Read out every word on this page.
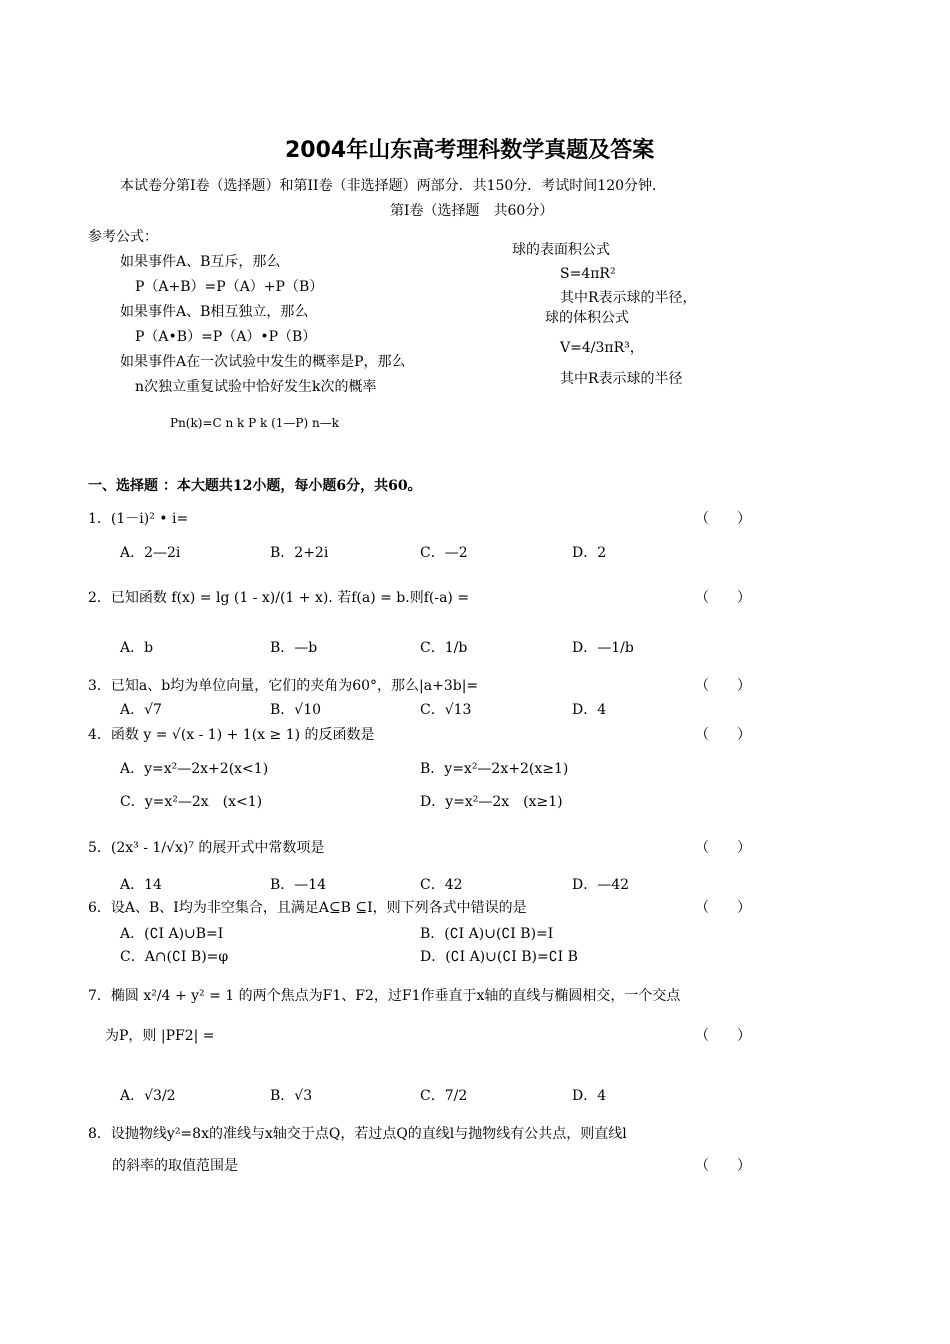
2004年山东高考理科数学真题及答案
本试卷分第Ⅰ卷（选择题）和第II卷（非选择题）两部分．共150分．考试时间120分钟．
第Ⅰ卷（选择题　共60分）
参考公式：
如果事件A、B互斥，那么
P（A+B）=P（A）+P（B）
如果事件A、B相互独立，那么
P（A•B）=P（A）•P（B）
如果事件A在一次试验中发生的概率是P，那么
n次独立重复试验中恰好发生k次的概率
Pn(k)=C n k P k (1—P) n—k
球的表面积公式
S=4πR²
其中R表示球的半径，
球的体积公式
V=4/3πR³，
其中R表示球的半径
一、选择题 ：本大题共12小题，每小题6分，共60。
1．(1－i)² • i=	（　　）
A．2—2i	B．2+2i	C．—2	D．2
2．已知函数 f(x) = lg (1 - x)/(1 + x). 若f(a) = b.则f(-a) =	（　　）
A．b	B．—b	C．1/b	D．—1/b
3．已知a、b均为单位向量，它们的夹角为60°，那么|a+3b|=	（　　）
A．√7	B．√10	C．√13	D．4
4．函数 y = √(x - 1) + 1(x ≥ 1) 的反函数是	（　　）
A．y=x²—2x+2(x<1)	B．y=x²—2x+2(x≥1)
C．y=x²—2x　(x<1)	D．y=x²—2x　(x≥1)
5．(2x³ - 1/√x)⁷ 的展开式中常数项是	（　　）
A．14	B．—14	C．42	D．—42
6．设A、B、I均为非空集合，且满足A⊆B ⊆I，则下列各式中错误的是	（　　）
A．(∁I A)∪B=I	B．(∁I A)∪(∁I B)=I
C．A∩(∁I B)=φ	D．(∁I A)∪(∁I B)=∁I B
7．椭圆 x²/4 + y² = 1 的两个焦点为F1、F2，过F1作垂直于x轴的直线与椭圆相交，一个交点
为P，则 |PF2| =	（　　）
A．√3/2	B．√3	C．7/2	D．4
8．设抛物线y²=8x的准线与x轴交于点Q，若过点Q的直线l与抛物线有公共点，则直线l
的斜率的取值范围是	（　　）
